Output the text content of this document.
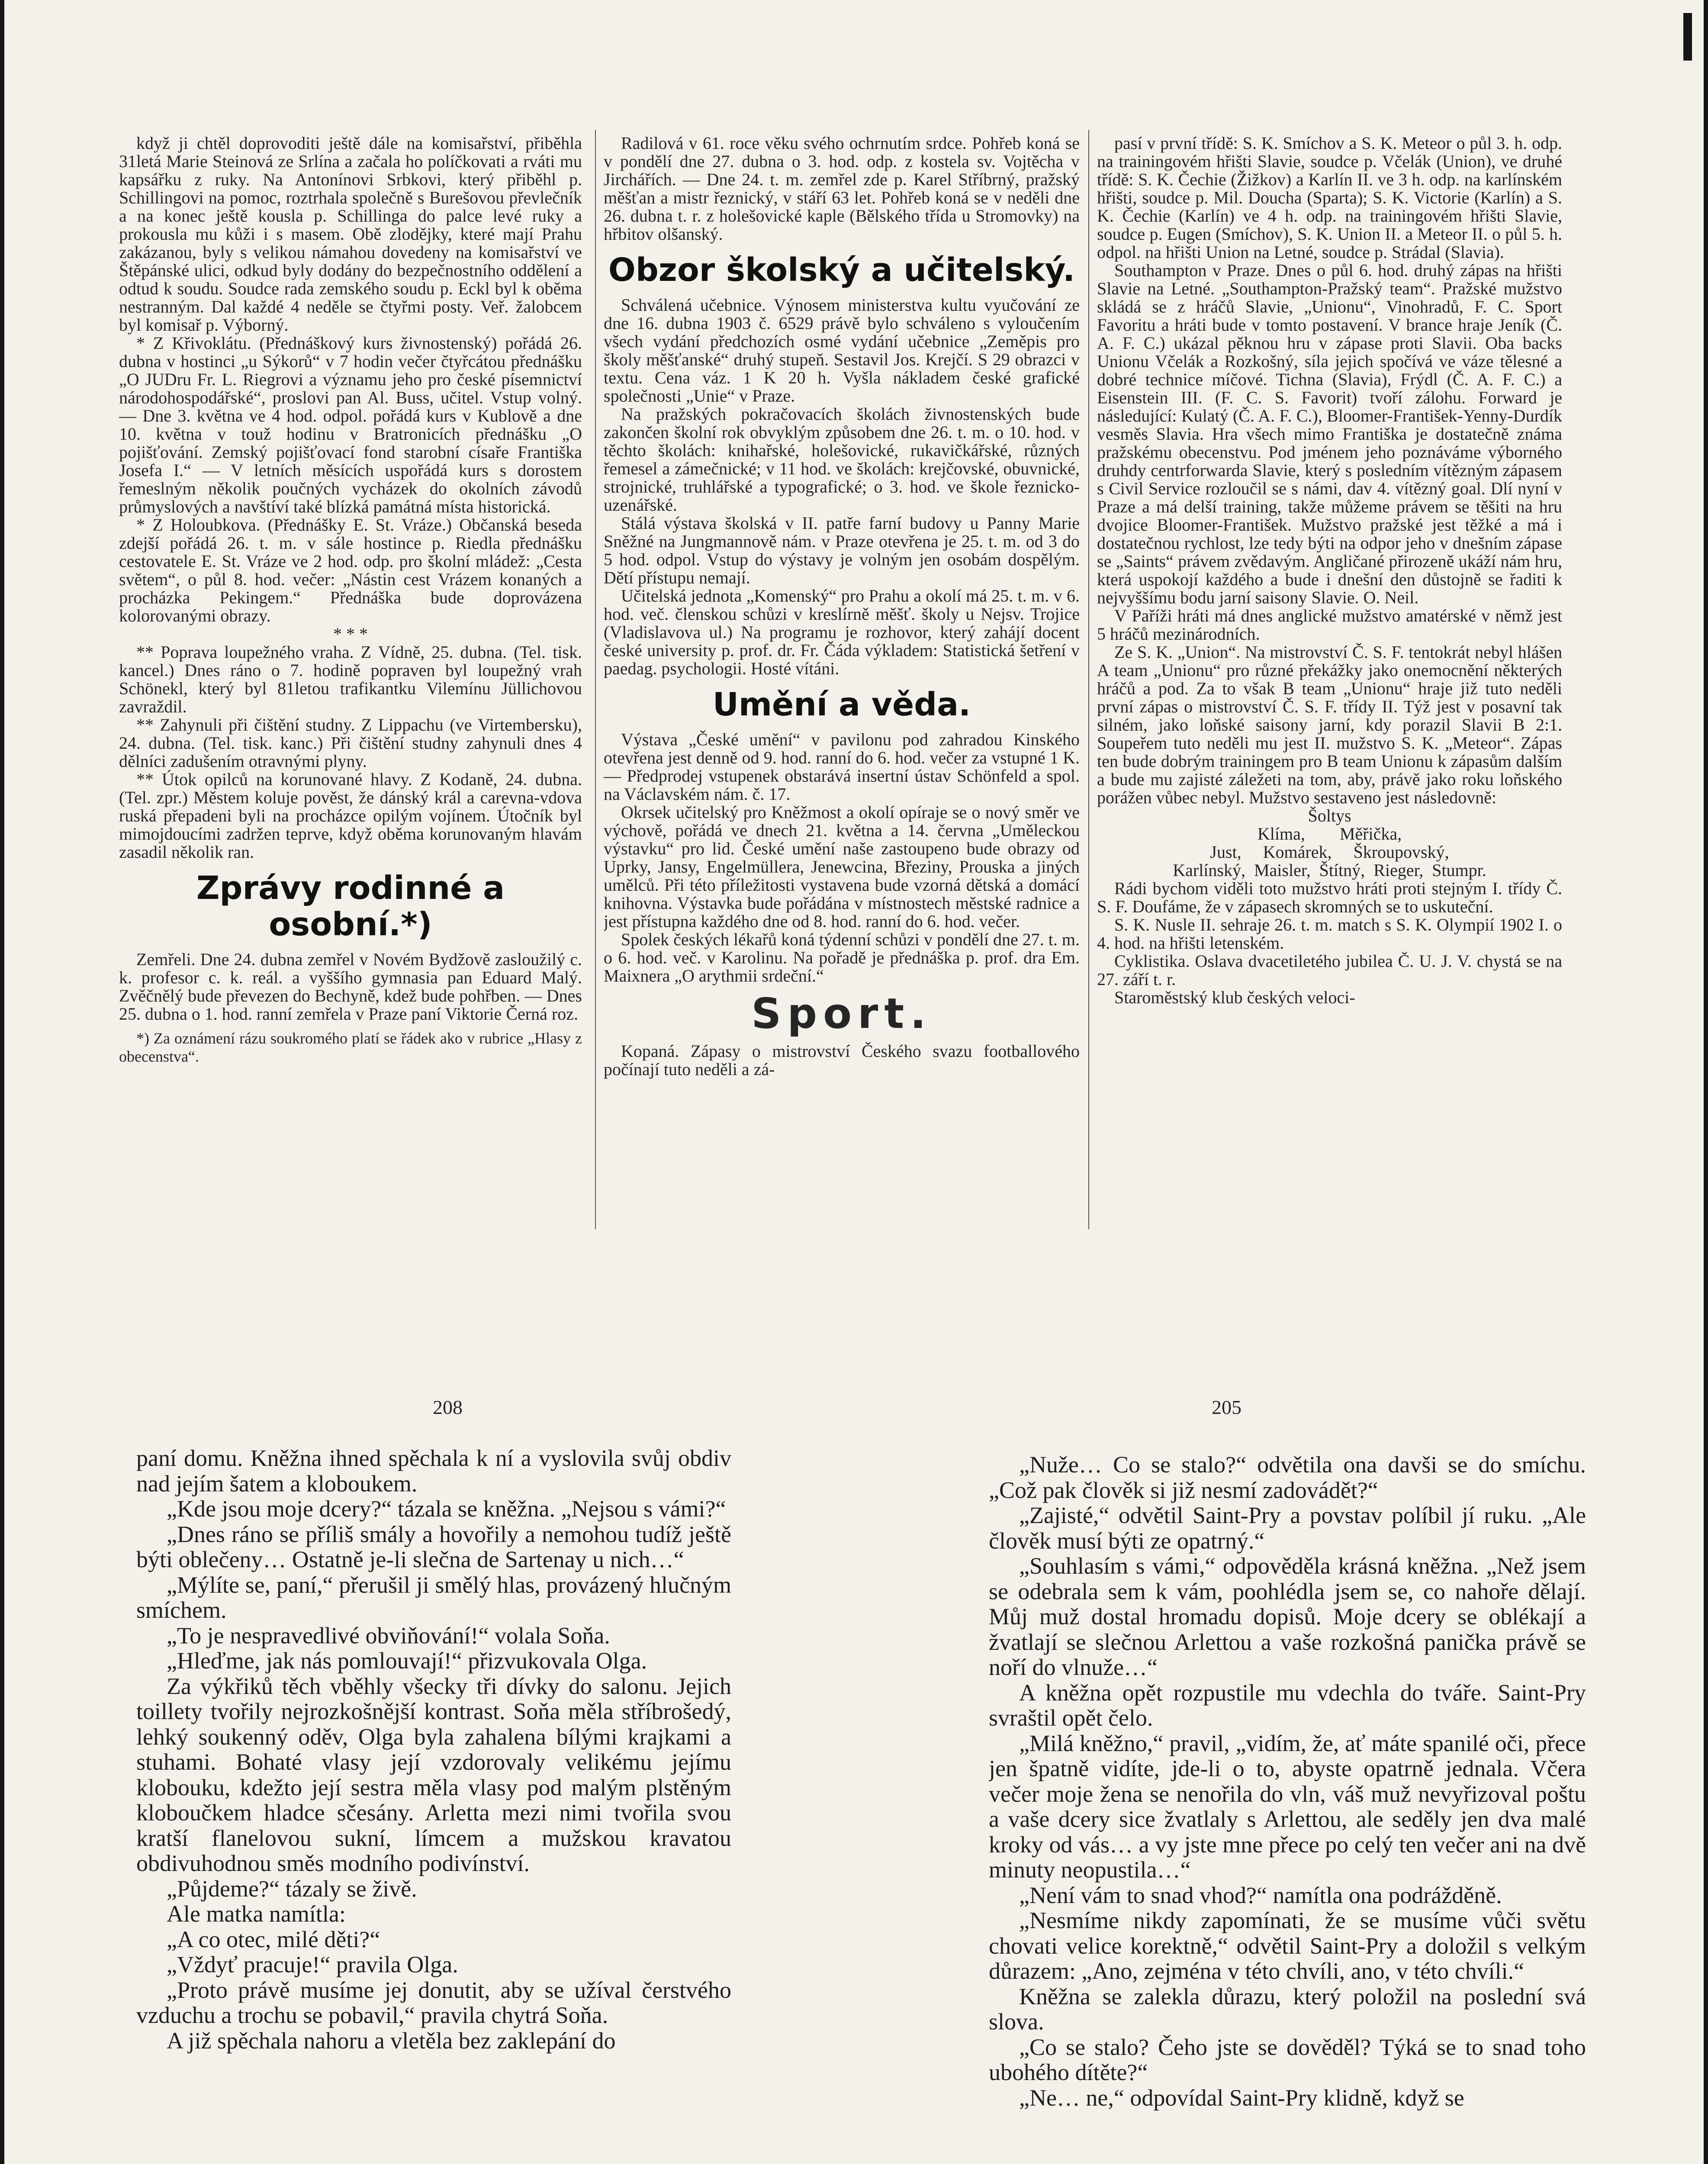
když ji chtěl doprovoditi ještě dále na komisařství, přiběhla 31letá Marie Steinová ze Srlína a začala ho políčkovati a rváti mu kapsářku z ruky. Na Antonínovi Srbkovi, který přiběhl p. Schillingovi na pomoc, roztrhala společně s Burešovou převlečník a na konec ještě kousla p. Schillinga do palce levé ruky a prokousla mu kůži i s masem. Obě zlodějky, které mají Prahu zakázanou, byly s velikou námahou dovedeny na komisařství ve Štěpánské ulici, odkud byly dodány do bezpečnostního oddělení a odtud k soudu. Soudce rada zemského soudu p. Eckl byl k oběma nestranným. Dal každé 4 neděle se čtyřmi posty. Veř. žalobcem byl komisař p. Výborný.

* Z Křivoklátu. (Přednáškový kurs živnostenský) pořádá 26. dubna v hostinci „u Sýkorů“ v 7 hodin večer čtyřcátou přednášku „O JUDru Fr. L. Riegrovi a významu jeho pro české písemnictví národohospodářské“, proslovi pan Al. Buss, učitel. Vstup volný. — Dne 3. května ve 4 hod. odpol. pořádá kurs v Kublově a dne 10. května v touž hodinu v Bratronicích přednášku „O pojišťování. Zemský pojišťovací fond starobní císaře Františka Josefa I.“ — V letních měsících uspořádá kurs s dorostem řemeslným několik poučných vycházek do okolních závodů průmyslových a navštíví také blízká památná místa historická.

* Z Holoubkova. (Přednášky E. St. Vráze.) Občanská beseda zdejší pořádá 26. t. m. v sále hostince p. Riedla přednášku cestovatele E. St. Vráze ve 2 hod. odp. pro školní mládež: „Cesta světem“, o půl 8. hod. večer: „Nástin cest Vrázem konaných a procházka Pekingem.“ Přednáška bude doprovázena kolorovanými obrazy.

* * *

** Poprava loupežného vraha. Z Vídně, 25. dubna. (Tel. tisk. kancel.) Dnes ráno o 7. hodině popraven byl loupežný vrah Schönekl, který byl 81letou trafikantku Vilemínu Jüllichovou zavraždil.

** Zahynuli při čištění studny. Z Lippachu (ve Virtembersku), 24. dubna. (Tel. tisk. kanc.) Při čištění studny zahynuli dnes 4 dělníci zadušením otravnými plyny.

** Útok opilců na korunované hlavy. Z Kodaně, 24. dubna. (Tel. zpr.) Městem koluje pověst, že dánský král a carevna-vdova ruská přepadeni byli na procházce opilým vojínem. Útočník byl mimojdoucími zadržen teprve, když oběma korunovaným hlavám zasadil několik ran.

Zprávy rodinné a osobní.*)

Zemřeli. Dne 24. dubna zemřel v Novém Bydžově zasloužilý c. k. profesor c. k. reál. a vyššího gymnasia pan Eduard Malý. Zvěčnělý bude převezen do Bechyně, kdež bude pohřben. — Dnes 25. dubna o 1. hod. ranní zemřela v Praze paní Viktorie Černá roz.

*) Za oznámení rázu soukromého platí se řádek ako v rubrice „Hlasy z obecenstva“.

Radilová v 61. roce věku svého ochrnutím srdce. Pohřeb koná se v pondělí dne 27. dubna o 3. hod. odp. z kostela sv. Vojtěcha v Jirchářích. — Dne 24. t. m. zemřel zde p. Karel Stříbrný, pražský měšťan a mistr řeznický, v stáří 63 let. Pohřeb koná se v neděli dne 26. dubna t. r. z holešovické kaple (Bělského třída u Stromovky) na hřbitov olšanský.

Obzor školský a učitelský.

Schválená učebnice. Výnosem ministerstva kultu vyučování ze dne 16. dubna 1903 č. 6529 právě bylo schváleno s vyloučením všech vydání předchozích osmé vydání učebnice „Zeměpis pro školy měšťanské“ druhý stupeň. Sestavil Jos. Krejčí. S 29 obrazci v textu. Cena váz. 1 K 20 h. Vyšla nákladem české grafické společnosti „Unie“ v Praze.

Na pražských pokračovacích školách živnostenských bude zakončen školní rok obvyklým způsobem dne 26. t. m. o 10. hod. v těchto školách: knihařské, holešovické, rukavičkářské, různých řemesel a zámečnické; v 11 hod. ve školách: krejčovské, obuvnické, strojnické, truhlářské a typografické; o 3. hod. ve škole řeznicko-uzenářské.

Stálá výstava školská v II. patře farní budovy u Panny Marie Sněžné na Jungmannově nám. v Praze otevřena je 25. t. m. od 3 do 5 hod. odpol. Vstup do výstavy je volným jen osobám dospělým. Dětí přístupu nemají.

Učitelská jednota „Komenský“ pro Prahu a okolí má 25. t. m. v 6. hod. več. členskou schůzi v kreslírně měšť. školy u Nejsv. Trojice (Vladislavova ul.) Na programu je rozhovor, který zahájí docent české university p. prof. dr. Fr. Čáda výkladem: Statistická šetření v paedag. psychologii. Hosté vítáni.

Umění a věda.

Výstava „České umění“ v pavilonu pod zahradou Kinského otevřena jest denně od 9. hod. ranní do 6. hod. večer za vstupné 1 K. — Předprodej vstupenek obstarává insertní ústav Schönfeld a spol. na Václavském nám. č. 17.

Okrsek učitelský pro Kněžmost a okolí opíraje se o nový směr ve výchově, pořádá ve dnech 21. května a 14. června „Uměleckou výstavku“ pro lid. České umění naše zastoupeno bude obrazy od Uprky, Jansy, Engelmüllera, Jenewcina, Březiny, Prouska a jiných umělců. Při této příležitosti vystavena bude vzorná dětská a domácí knihovna. Výstavka bude pořádána v místnostech městské radnice a jest přístupna každého dne od 8. hod. ranní do 6. hod. večer.

Spolek českých lékařů koná týdenní schůzi v pondělí dne 27. t. m. o 6. hod. več. v Karolinu. Na pořadě je přednáška p. prof. dra Em. Maixnera „O arythmii srdeční.“

Sport.

Kopaná. Zápasy o mistrovství Českého svazu footballového počínají tuto neděli a zá-

pasí v první třídě: S. K. Smíchov a S. K. Meteor o půl 3. h. odp. na trainingovém hřišti Slavie, soudce p. Včelák (Union), ve druhé třídě: S. K. Čechie (Žižkov) a Karlín II. ve 3 h. odp. na karlínském hřišti, soudce p. Mil. Doucha (Sparta); S. K. Victorie (Karlín) a S. K. Čechie (Karlín) ve 4 h. odp. na trainingovém hřišti Slavie, soudce p. Eugen (Smíchov), S. K. Union II. a Meteor II. o půl 5. h. odpol. na hřišti Union na Letné, soudce p. Strádal (Slavia).

Southampton v Praze. Dnes o půl 6. hod. druhý zápas na hřišti Slavie na Letné. „Southampton-Pražský team“. Pražské mužstvo skládá se z hráčů Slavie, „Unionu“, Vinohradů, F. C. Sport Favoritu a hráti bude v tomto postavení. V brance hraje Jeník (Č. A. F. C.) ukázal pěknou hru v zápase proti Slavii. Oba backs Unionu Včelák a Rozkošný, síla jejich spočívá ve váze tělesné a dobré technice míčové. Tichna (Slavia), Frýdl (Č. A. F. C.) a Eisenstein III. (F. C. S. Favorit) tvoří zálohu. Forward je následující: Kulatý (Č. A. F. C.), Bloomer-František-Yenny-Durdík vesměs Slavia. Hra všech mimo Františka je dostatečně známa pražskému obecenstvu. Pod jménem jeho poznáváme výborného druhdy centrforwarda Slavie, který s posledním vítězným zápasem s Civil Service rozloučil se s námi, dav 4. vítězný goal. Dlí nyní v Praze a má delší training, takže můžeme právem se těšiti na hru dvojice Bloomer-František. Mužstvo pražské jest těžké a má i dostatečnou rychlost, lze tedy býti na odpor jeho v dnešním zápase se „Saints“ právem zvědavým. Angličané přirozeně ukáží nám hru, která uspokojí každého a bude i dnešní den důstojně se řaditi k nejvyššímu bodu jarní saisony Slavie. O. Neil.

V Paříži hráti má dnes anglické mužstvo amatérské v němž jest 5 hráčů mezinárodních.

Ze S. K. „Union“. Na mistrovství Č. S. F. tentokrát nebyl hlášen A team „Unionu“ pro různé překážky jako onemocnění některých hráčů a pod. Za to však B team „Unionu“ hraje již tuto neděli první zápas o mistrovství Č. S. F. třídy II. Týž jest v posavní tak silném, jako loňské saisony jarní, kdy porazil Slavii B 2:1. Soupeřem tuto neděli mu jest II. mužstvo S. K. „Meteor“. Zápas ten bude dobrým trainingem pro B team Unionu k zápasům dalším a bude mu zajisté záležeti na tom, aby, právě jako roku loňského porážen vůbec nebyl. Mužstvo sestaveno jest následovně:

Šoltys

Klíma,        Měřička,

Just,     Komárek,     Škroupovský,

Karlínský,  Maisler,  Štítný,  Rieger,  Stumpr.

Rádi bychom viděli toto mužstvo hráti proti stejným I. třídy Č. S. F. Doufáme, že v zápasech skromných se to uskuteční.

S. K. Nusle II. sehraje 26. t. m. match s S. K. Olympií 1902 I. o 4. hod. na hřišti letenském.

Cyklistika. Oslava dvacetiletého jubilea Č. U. J. V. chystá se na 27. září t. r.

Staroměstský klub českých veloci-

208	205

paní domu. Kněžna ihned spěchala k ní a vyslovila svůj obdiv nad jejím šatem a kloboukem.

„Kde jsou moje dcery?“ tázala se kněžna. „Nejsou s vámi?“

„Dnes ráno se příliš smály a hovořily a nemohou tudíž ještě býti oblečeny… Ostatně je-li slečna de Sartenay u nich…“

„Mýlíte se, paní,“ přerušil ji smělý hlas, provázený hlučným smíchem.

„To je nespravedlivé obviňování!“ volala Soňa.

„Hleďme, jak nás pomlouvají!“ přizvukovala Olga.

Za výkřiků těch vběhly všecky tři dívky do salonu. Jejich toillety tvořily nejrozkošnější kontrast. Soňa měla stříbrošedý, lehký soukenný oděv, Olga byla zahalena bílými krajkami a stuhami. Bohaté vlasy její vzdorovaly velikému jejímu klobouku, kdežto její sestra měla vlasy pod malým plstěným kloboučkem hladce sčesány. Arletta mezi nimi tvořila svou kratší flanelovou sukní, límcem a mužskou kravatou obdivuhodnou směs modního podivínství.

„Půjdeme?“ tázaly se živě.

Ale matka namítla:

„A co otec, milé děti?“

„Vždyť pracuje!“ pravila Olga.

„Proto právě musíme jej donutit, aby se užíval čerstvého vzduchu a trochu se pobavil,“ pravila chytrá Soňa.

A již spěchala nahoru a vletěla bez zaklepání do

„Nuže… Co se stalo?“ odvětila ona davši se do smíchu. „Což pak člověk si již nesmí zadovádět?“

„Zajisté,“ odvětil Saint-Pry a povstav políbil jí ruku. „Ale člověk musí býti ze opatrný.“

„Souhlasím s vámi,“ odpověděla krásná kněžna. „Než jsem se odebrala sem k vám, poohlédla jsem se, co nahoře dělají. Můj muž dostal hromadu dopisů. Moje dcery se oblékají a žvatlají se slečnou Arlettou a vaše rozkošná panička právě se noří do vlnuže…“

A kněžna opět rozpustile mu vdechla do tváře. Saint-Pry svraštil opět čelo.

„Milá kněžno,“ pravil, „vidím, že, ať máte spanilé oči, přece jen špatně vidíte, jde-li o to, abyste opatrně jednala. Včera večer moje žena se nenořila do vln, váš muž nevyřizoval poštu a vaše dcery sice žvatlaly s Arlettou, ale seděly jen dva malé kroky od vás… a vy jste mne přece po celý ten večer ani na dvě minuty neopustila…“

„Není vám to snad vhod?“ namítla ona podrážděně.

„Nesmíme nikdy zapomínati, že se musíme vůči světu chovati velice korektně,“ odvětil Saint-Pry a doložil s velkým důrazem: „Ano, zejména v této chvíli, ano, v této chvíli.“

Kněžna se zalekla důrazu, který položil na poslední svá slova.

„Co se stalo? Čeho jste se dověděl? Týká se to snad toho ubohého dítěte?“

„Ne… ne,“ odpovídal Saint-Pry klidně, když se
